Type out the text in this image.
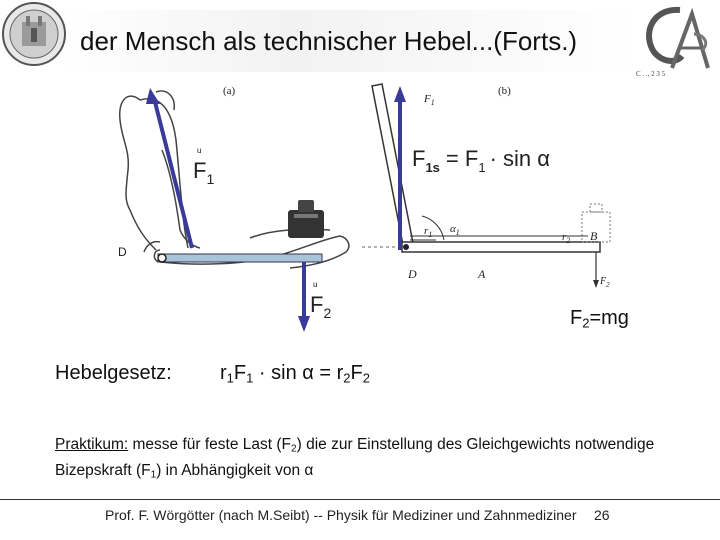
C . ., 2 3 5
der Mensch als technischer Hebel...(Forts.)
D
(a)
$F_1$
ᵘ
$F_2$
ᵘ
(b)
$F_1$
$\alpha_1$
$r_1$	$r_2$ B
D	A
$F_2$
$F_{1s} = F_1 \cdot \sin \alpha$
$F_2=mg$
Hebelgesetz: $r_1F_1 \cdot \sin \alpha = r_2F_2$
Praktikum: messe für feste Last $(F_2)$ die zur Einstellung des Gleichgewichts notwendige Bizepskraft $(F_1)$ in Abhängigkeit von α
Prof. F. Wörgötter (nach M.Seibt) -- Physik für Mediziner und Zahnmediziner 26
